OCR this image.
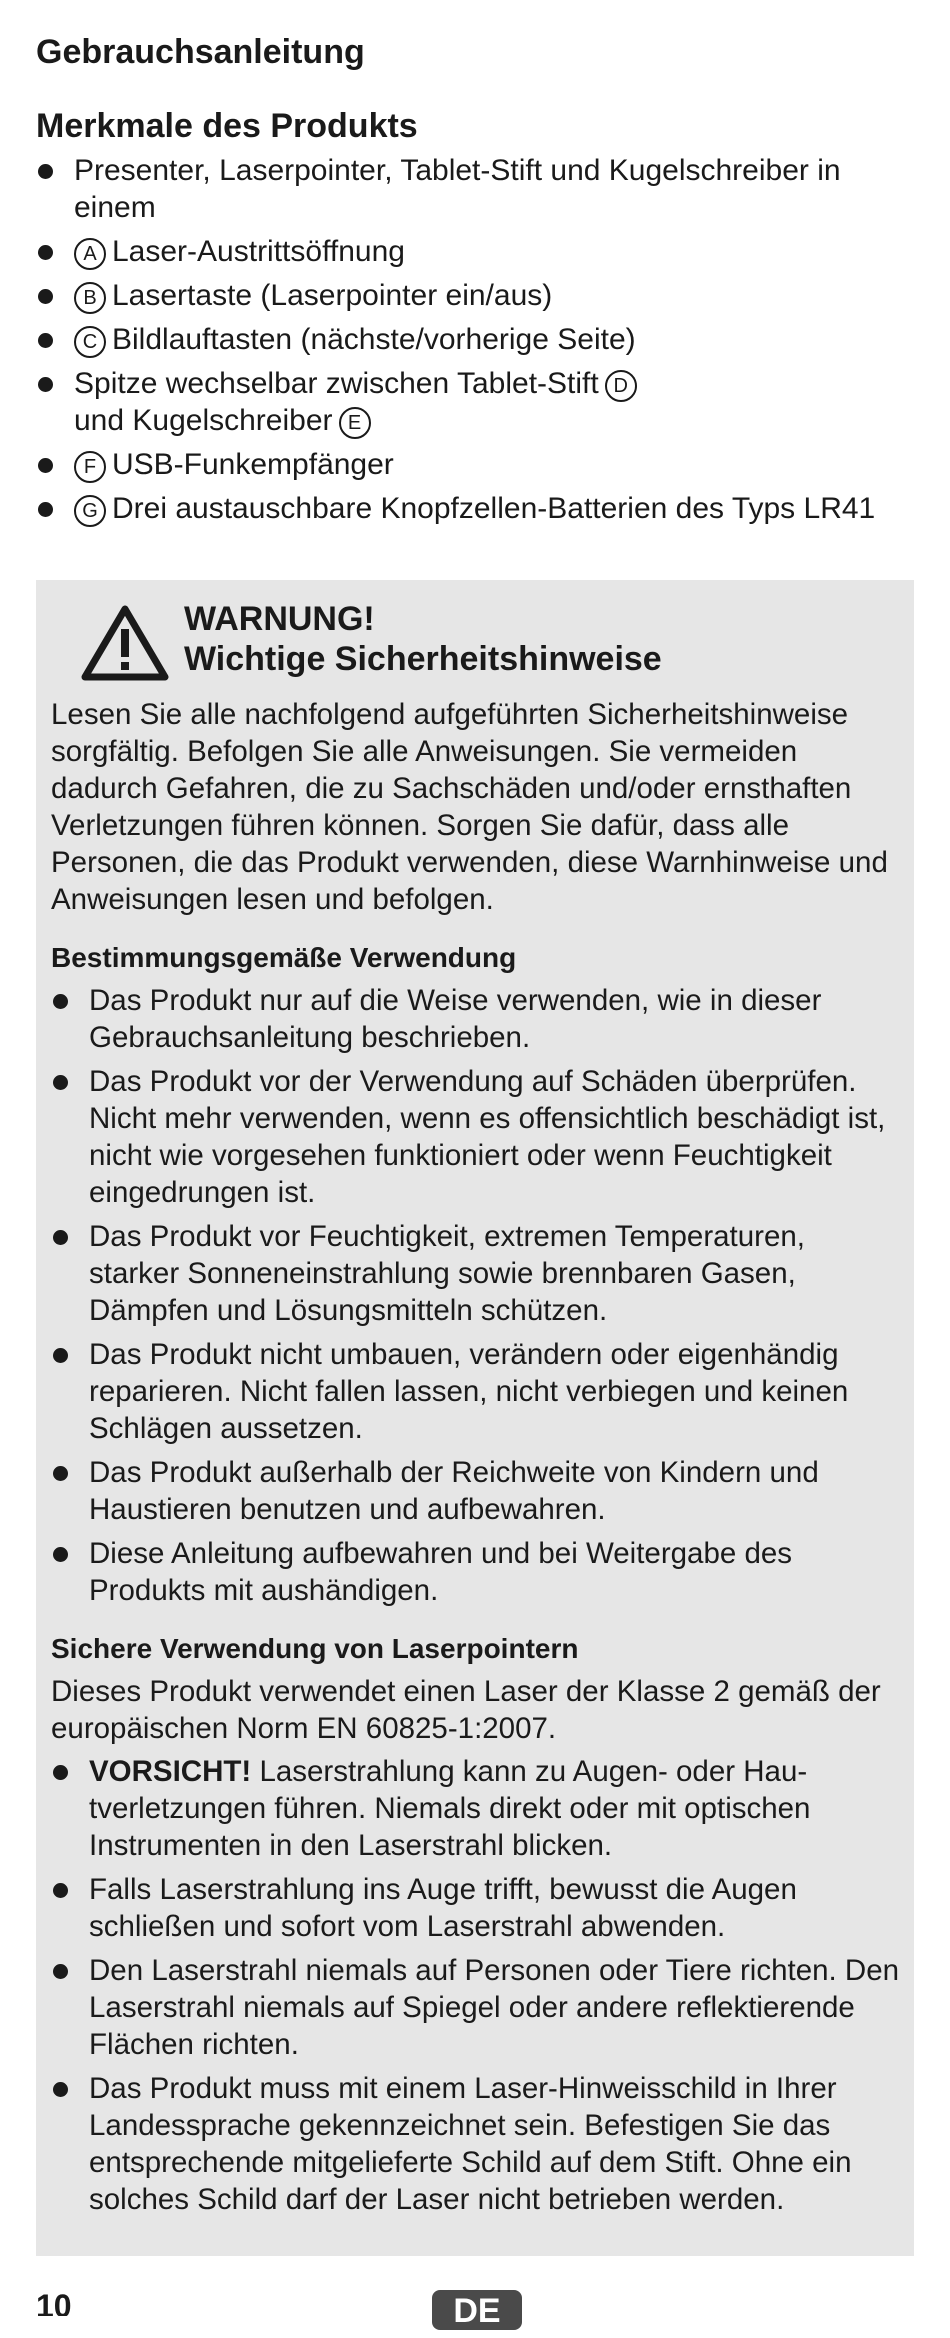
Gebrauchsanleitung
Merkmale des Produkts
Presenter, Laserpointer, Tablet-Stift und Kugelschreiber in einem
A Laser-Austrittsöffnung
B Lasertaste (Laserpointer ein/aus)
C Bildlauftasten (nächste/vorherige Seite)
Spitze wechselbar zwischen Tablet-Stift D
und Kugelschreiber E
F USB-Funkempfänger
G Drei austauschbare Knopfzellen-Batterien des Typs LR41
WARNUNG!
Wichtige Sicherheitshinweise

Lesen Sie alle nachfolgend aufgeführten Sicherheitshinweise sorgfältig. Befolgen Sie alle Anweisungen. Sie vermeiden dadurch Gefahren, die zu Sachschäden und/oder ernsthaften Verletzungen führen können. Sorgen Sie dafür, dass alle Personen, die das Produkt verwenden, diese Warnhinweise und Anweisungen lesen und befolgen.

Bestimmungsgemäße Verwendung
Das Produkt nur auf die Weise verwenden, wie in dieser Gebrauchsanleitung beschrieben.
Das Produkt vor der Verwendung auf Schäden überprüfen. Nicht mehr verwenden, wenn es offensichtlich beschädigt ist, nicht wie vorgesehen funktioniert oder wenn Feuchtigkeit eingedrungen ist.
Das Produkt vor Feuchtigkeit, extremen Temperaturen, starker Sonneneinstrahlung sowie brennbaren Gasen, Dämpfen und Lösungsmitteln schützen.
Das Produkt nicht umbauen, verändern oder eigenhändig reparieren. Nicht fallen lassen, nicht verbiegen und keinen Schlägen aussetzen.
Das Produkt außerhalb der Reichweite von Kindern und Haustieren benutzen und aufbewahren.
Diese Anleitung aufbewahren und bei Weitergabe des Produkts mit aushändigen.
Sichere Verwendung von Laserpointern

Dieses Produkt verwendet einen Laser der Klasse 2 gemäß der europäischen Norm EN 60825-1:2007.

VORSICHT! Laserstrahlung kann zu Augen- oder Hautverletzungen führen. Niemals direkt oder mit optischen Instrumenten in den Laserstrahl blicken.
Falls Laserstrahlung ins Auge trifft, bewusst die Augen schließen und sofort vom Laserstrahl abwenden.
Den Laserstrahl niemals auf Personen oder Tiere richten. Den Laserstrahl niemals auf Spiegel oder andere reflektierende Flächen richten.
Das Produkt muss mit einem Laser-Hinweisschild in Ihrer Landessprache gekennzeichnet sein. Befestigen Sie das entsprechende mitgelieferte Schild auf dem Stift. Ohne ein solches Schild darf der Laser nicht betrieben werden.
10	DE
